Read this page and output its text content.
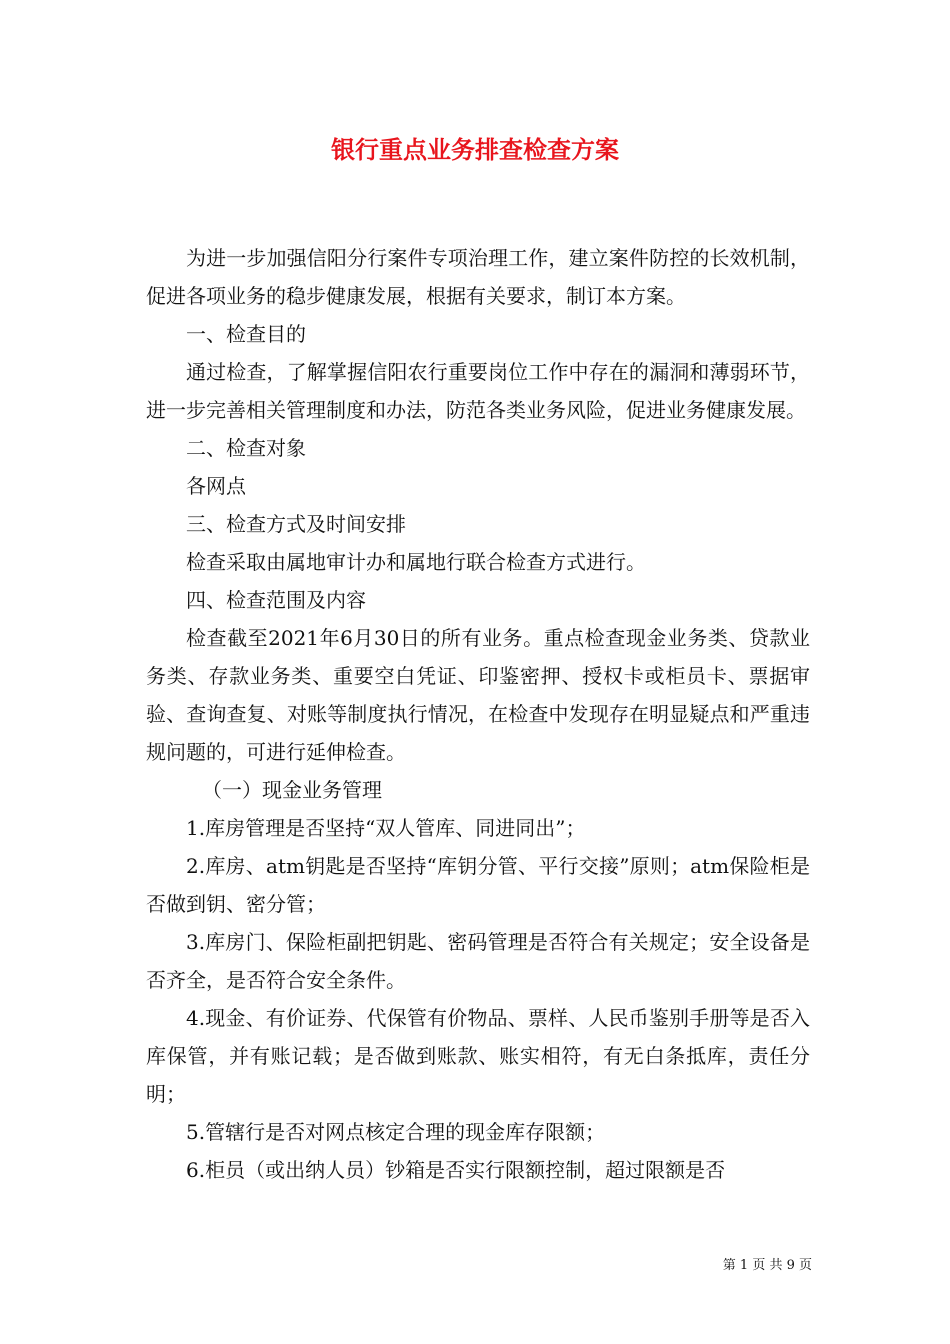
银行重点业务排查检查方案

为进一步加强信阳分行案件专项治理工作，建立案件防控的长效机制，促进各项业务的稳步健康发展，根据有关要求，制订本方案。

一、检查目的

通过检查，了解掌握信阳农行重要岗位工作中存在的漏洞和薄弱环节，进一步完善相关管理制度和办法，防范各类业务风险，促进业务健康发展。

二、检查对象

各网点

三、检查方式及时间安排

检查采取由属地审计办和属地行联合检查方式进行。

四、检查范围及内容

检查截至2021年6月30日的所有业务。重点检查现金业务类、贷款业务类、存款业务类、重要空白凭证、印鉴密押、授权卡或柜员卡、票据审验、查询查复、对账等制度执行情况，在检查中发现存在明显疑点和严重违规问题的，可进行延伸检查。

（一）现金业务管理

1.库房管理是否坚持“双人管库、同进同出”；

2.库房、atm钥匙是否坚持“库钥分管、平行交接”原则；atm保险柜是否做到钥、密分管；

3.库房门、保险柜副把钥匙、密码管理是否符合有关规定；安全设备是否齐全，是否符合安全条件。

4.现金、有价证券、代保管有价物品、票样、人民币鉴别手册等是否入库保管，并有账记载；是否做到账款、账实相符，有无白条抵库，责任分明；

5.管辖行是否对网点核定合理的现金库存限额；

6.柜员（或出纳人员）钞箱是否实行限额控制，超过限额是否

第 1 页 共 9 页
